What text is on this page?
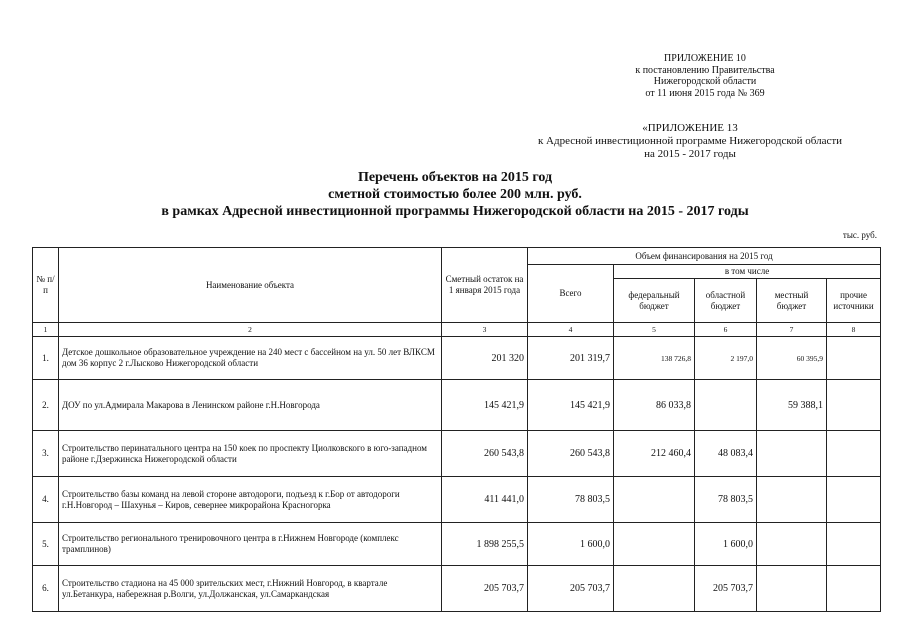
ПРИЛОЖЕНИЕ 10
к постановлению Правительства
Нижегородской области
от 11 июня 2015 года № 369
«ПРИЛОЖЕНИЕ 13
к Адресной инвестиционной программе Нижегородской области
на 2015 - 2017 годы
Перечень объектов на 2015 год
сметной стоимостью более 200 млн. руб.
в рамках Адресной инвестиционной программы Нижегородской области на 2015 - 2017 годы
тыс. руб.
№ п/п	Наименование объекта	Сметный остаток на 1 января 2015 года	Объем финансирования на 2015 год				
			Всего	в том числе			
				федеральный бюджет	областной бюджет	местный бюджет	прочие источники
1	2	3	4	5	6	7	8
1.	Детское дошкольное образовательное учреждение на 240 мест с бассейном на ул. 50 лет ВЛКСМ дом 36 корпус 2 г.Лысково Нижегородской области	201 320	201 319,7	138 726,8	2 197,0	60 395,9	
2.	ДОУ по ул.Адмирала Макарова в Ленинском районе г.Н.Новгорода	145 421,9	145 421,9	86 033,8		59 388,1	
3.	Строительство перинатального центра на 150 коек по проспекту Циолковского в юго-западном районе г.Дзержинска Нижегородской области	260 543,8	260 543,8	212 460,4	48 083,4		
4.	Строительство базы команд на левой стороне автодороги, подъезд к г.Бор от автодороги г.Н.Новгород – Шахунья – Киров, севернее микрорайона Красногорка	411 441,0	78 803,5		78 803,5		
5.	Строительство регионального тренировочного центра в г.Нижнем Новгороде (комплекс трамплинов)	1 898 255,5	1 600,0		1 600,0		
6.	Строительство стадиона на 45 000 зрительских мест, г.Нижний Новгород, в квартале ул.Бетанкура, набережная р.Волги, ул.Должанская, ул.Самаркандская	205 703,7	205 703,7		205 703,7		
